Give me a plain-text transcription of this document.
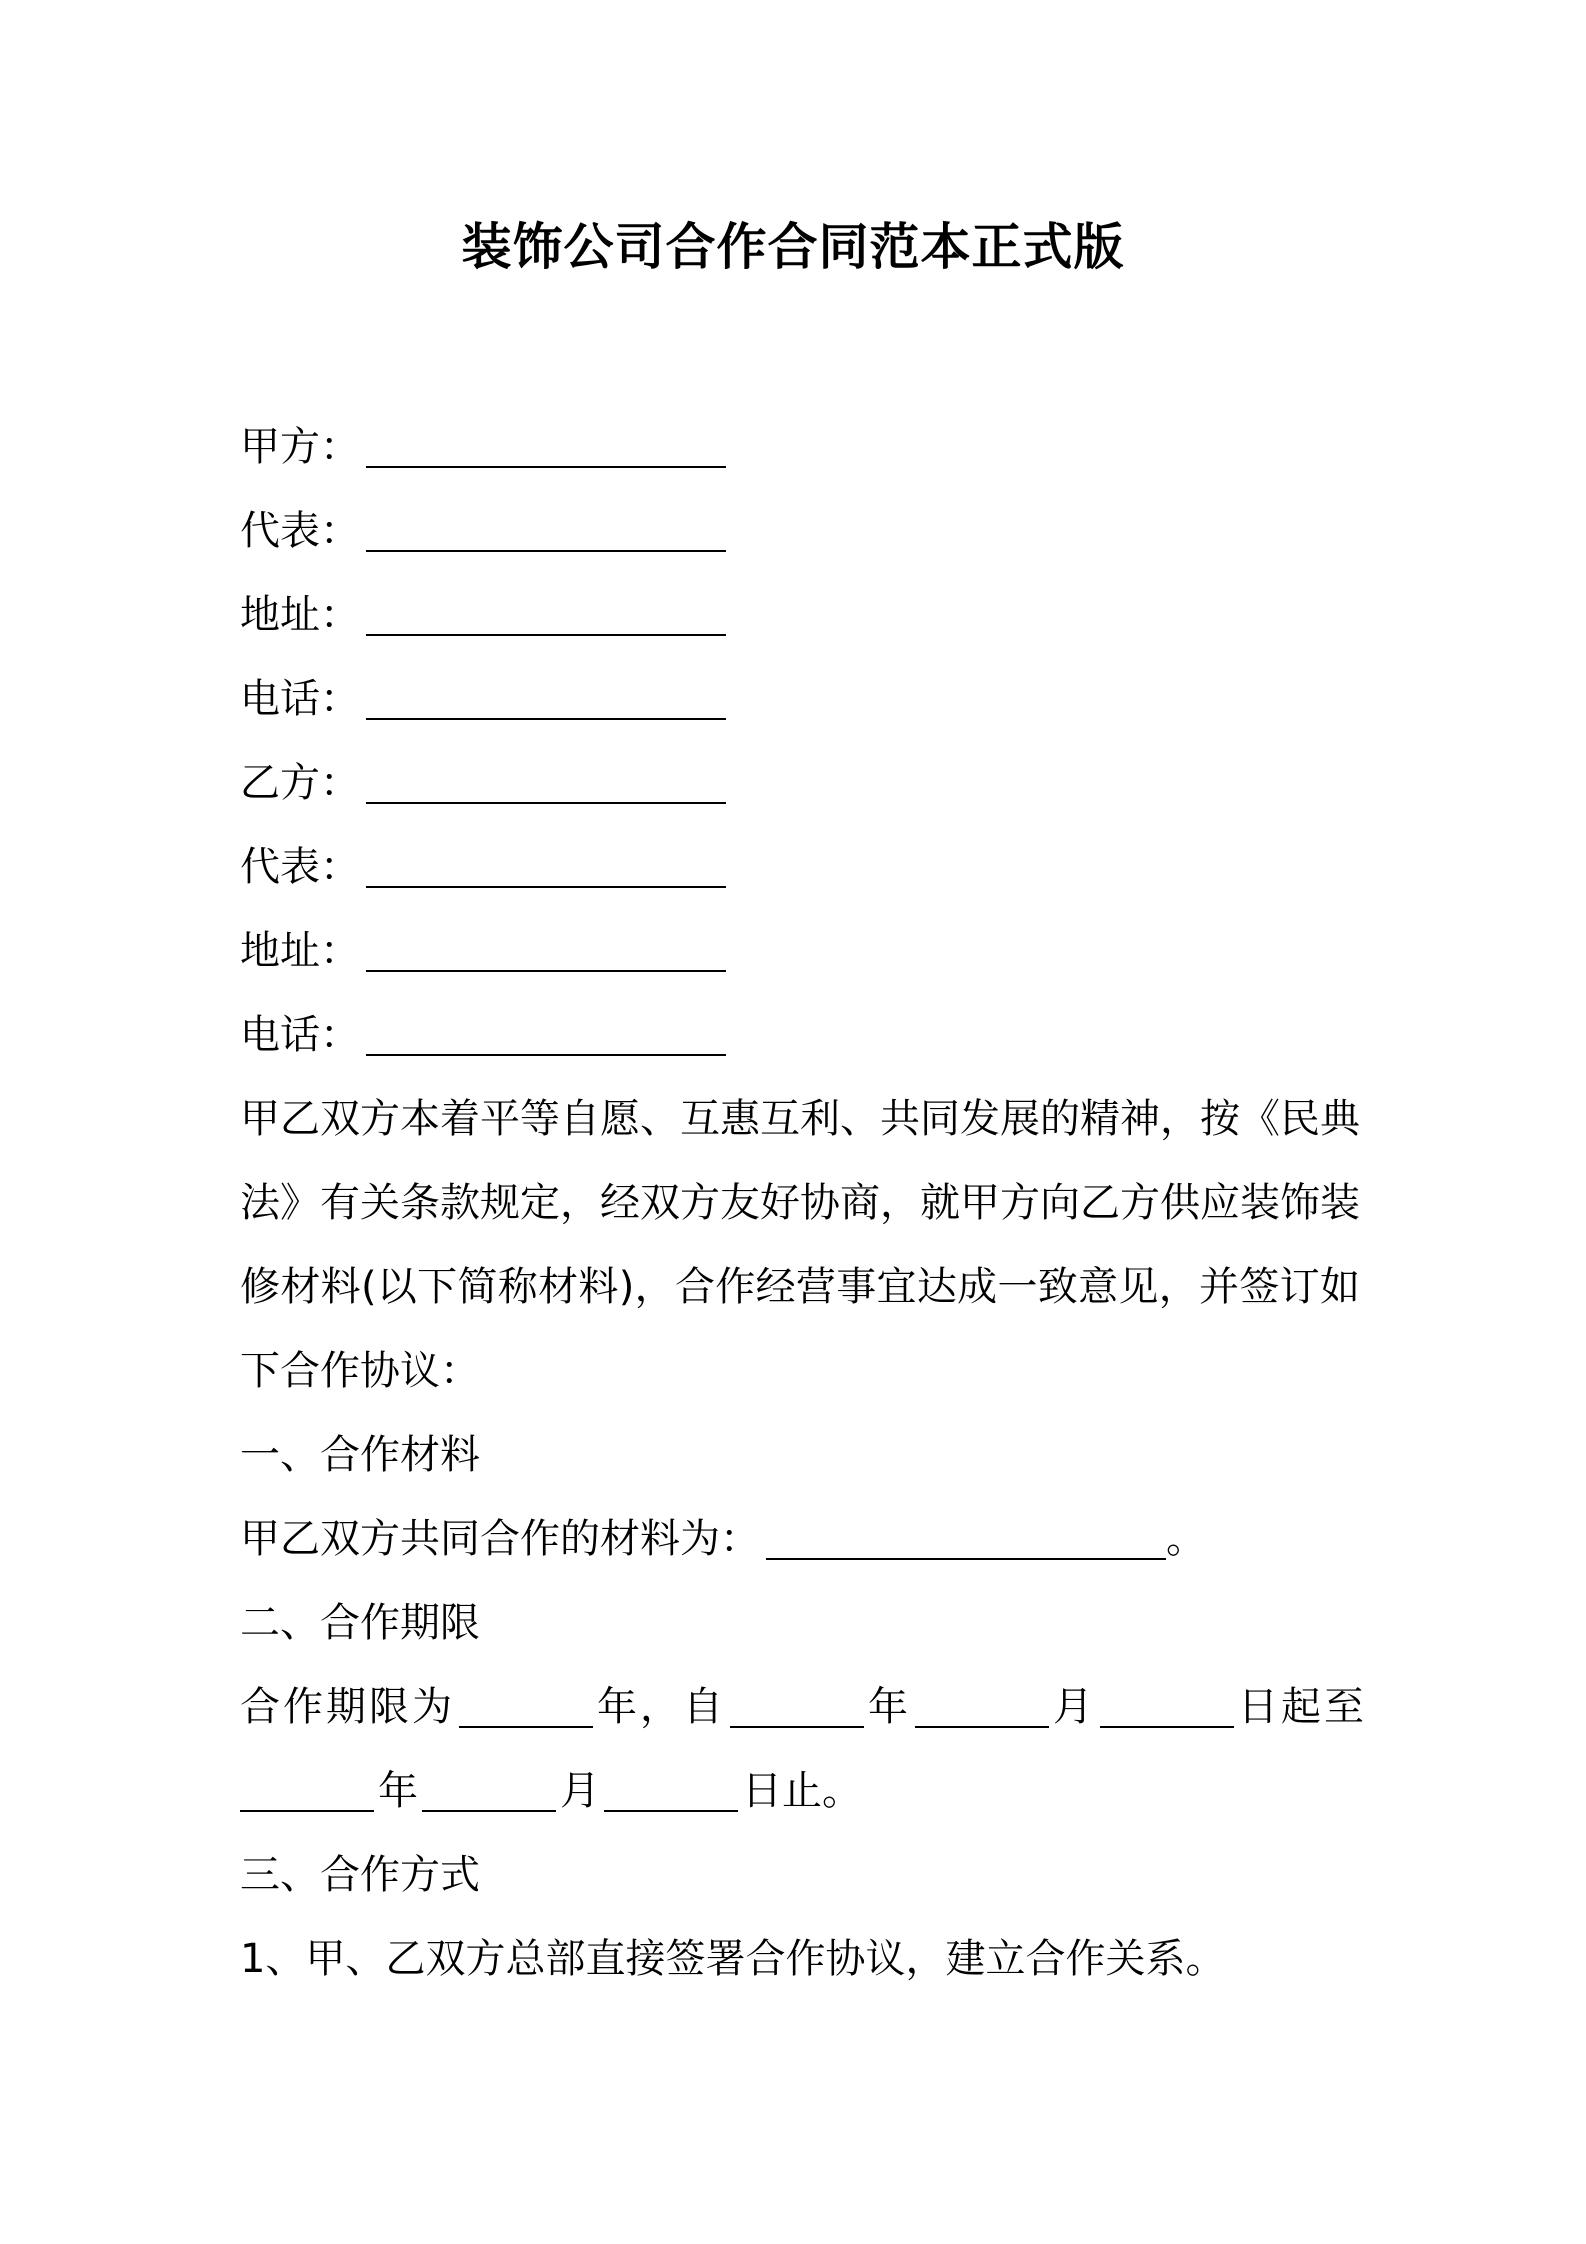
装饰公司合作合同范本正式版
甲方：
代表：
地址：
电话：
乙方：
代表：
地址：
电话：
甲乙双方本着平等自愿、互惠互利、共同发展的精神，按《民典法》有关条款规定，经双方友好协商，就甲方向乙方供应装饰装修材料(以下简称材料)，合作经营事宜达成一致意见，并签订如下合作协议：
一、合作材料
甲乙双方共同合作的材料为：	。
二、合作期限
合作期限为	年，自	年	月	日起至
年	月	日止。
三、合作方式
1、甲、乙双方总部直接签署合作协议，建立合作关系。
